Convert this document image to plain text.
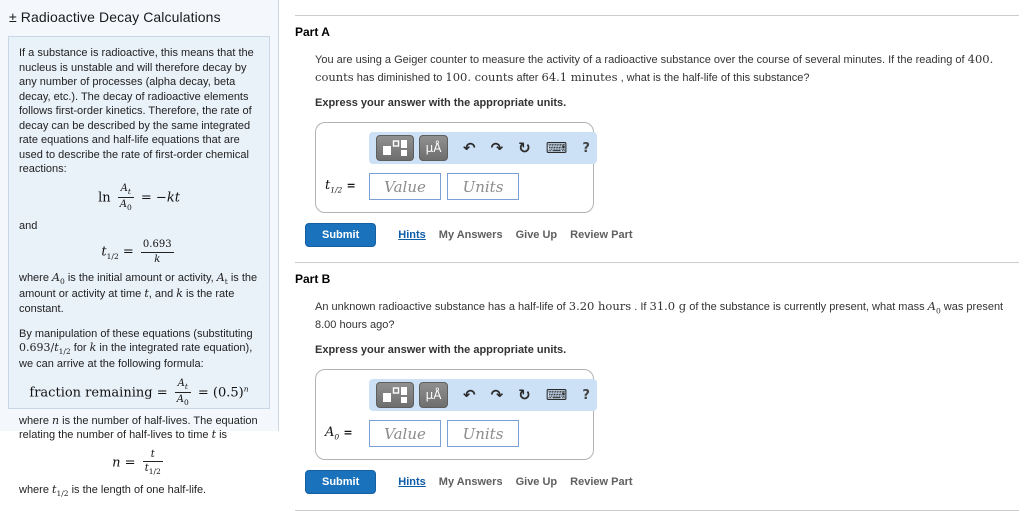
± Radioactive Decay Calculations

If a substance is radioactive, this means that the nucleus is unstable and will therefore decay by any number of processes (alpha decay, beta decay, etc.). The decay of radioactive elements follows first-order kinetics. Therefore, the rate of decay can be described by the same integrated rate equations and half-life equations that are used to describe the rate of first-order chemical reactions:

$\ln \frac{A_t}{A_0} = -kt$

and

$t_{1/2} = \frac{0.693}{k}$

where $A_0$ is the initial amount or activity, $A_t$ is the amount or activity at time t, and k is the rate constant.

By manipulation of these equations (substituting $0.693/t_{1/2}$ for k in the integrated rate equation), we can arrive at the following formula:

fraction remaining = $\frac{A_t}{A_0} = (0.5)^n$

where n is the number of half-lives. The equation relating the number of half-lives to time t is

$n = \frac{t}{t_{1/2}}$

where $t_{1/2}$ is the length of one half-life.

Part A
You are using a Geiger counter to measure the activity of a radioactive substance over the course of several minutes. If the reading of 400. counts has diminished to 100. counts after 64.1 minutes , what is the half-life of this substance?
Express your answer with the appropriate units.
μÅ	↶ ↷ ↻ ⌨ ?
$t_{1/2}$ =
Value
Units
Submit	Hints My Answers Give Up Review Part
Part B
An unknown radioactive substance has a half-life of 3.20 hours . If 31.0 g of the substance is currently present, what mass $A_0$ was present 8.00 hours ago?
Express your answer with the appropriate units.
μÅ	↶ ↷ ↻ ⌨ ?
$A_0$ =
Value
Units
Submit	Hints My Answers Give Up Review Part
